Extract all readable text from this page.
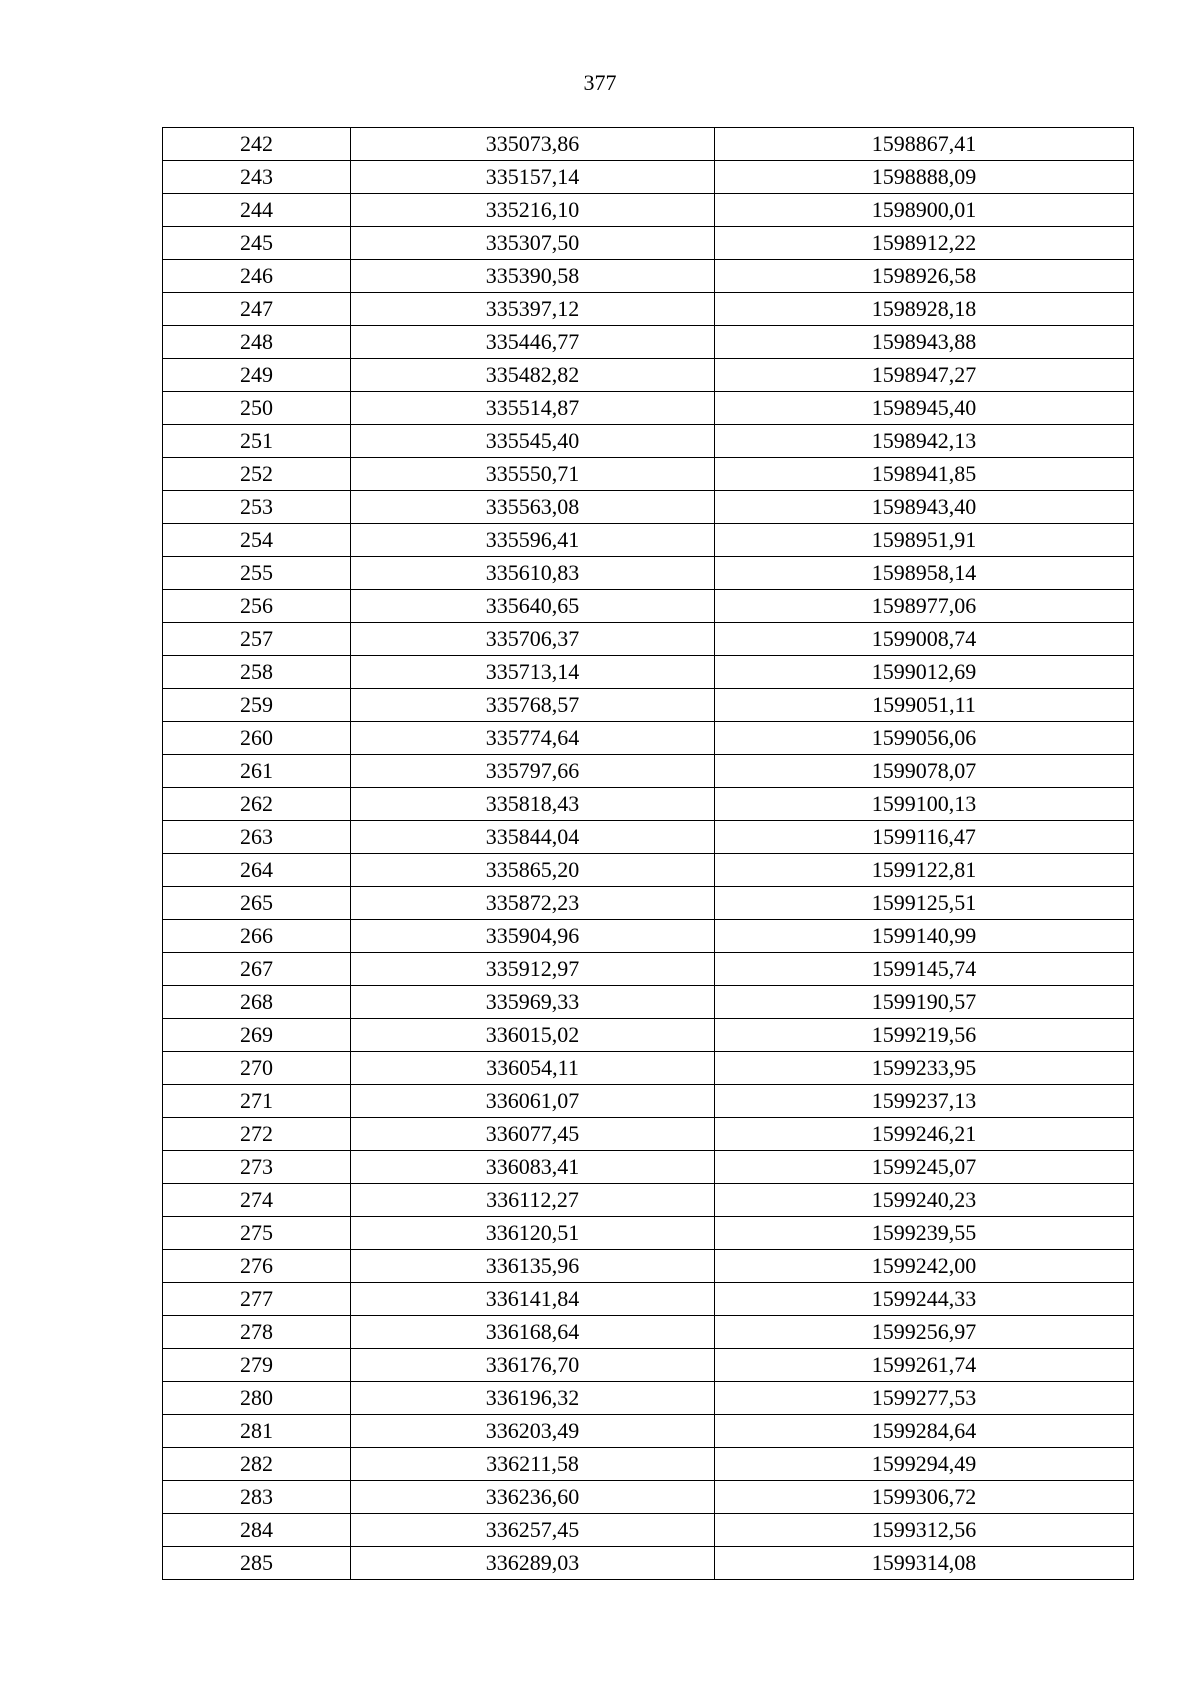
377
242	335073,86	1598867,41
243	335157,14	1598888,09
244	335216,10	1598900,01
245	335307,50	1598912,22
246	335390,58	1598926,58
247	335397,12	1598928,18
248	335446,77	1598943,88
249	335482,82	1598947,27
250	335514,87	1598945,40
251	335545,40	1598942,13
252	335550,71	1598941,85
253	335563,08	1598943,40
254	335596,41	1598951,91
255	335610,83	1598958,14
256	335640,65	1598977,06
257	335706,37	1599008,74
258	335713,14	1599012,69
259	335768,57	1599051,11
260	335774,64	1599056,06
261	335797,66	1599078,07
262	335818,43	1599100,13
263	335844,04	1599116,47
264	335865,20	1599122,81
265	335872,23	1599125,51
266	335904,96	1599140,99
267	335912,97	1599145,74
268	335969,33	1599190,57
269	336015,02	1599219,56
270	336054,11	1599233,95
271	336061,07	1599237,13
272	336077,45	1599246,21
273	336083,41	1599245,07
274	336112,27	1599240,23
275	336120,51	1599239,55
276	336135,96	1599242,00
277	336141,84	1599244,33
278	336168,64	1599256,97
279	336176,70	1599261,74
280	336196,32	1599277,53
281	336203,49	1599284,64
282	336211,58	1599294,49
283	336236,60	1599306,72
284	336257,45	1599312,56
285	336289,03	1599314,08
